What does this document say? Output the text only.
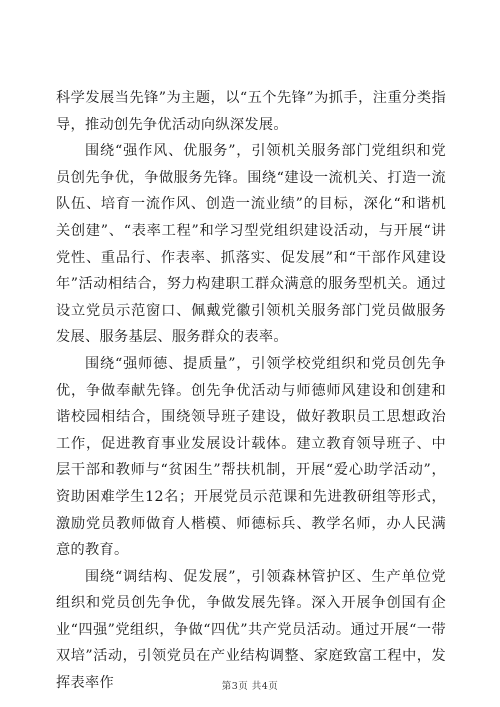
科学发展当先锋”为主题，以“五个先锋”为抓手，注重分类指导，推动创先争优活动向纵深发展。

围绕“强作风、优服务”，引领机关服务部门党组织和党员创先争优，争做服务先锋。围绕“建设一流机关、打造一流队伍、培育一流作风、创造一流业绩”的目标，深化“和谐机关创建”、“表率工程”和学习型党组织建设活动，与开展“讲党性、重品行、作表率、抓落实、促发展”和“干部作风建设年”活动相结合，努力构建职工群众满意的服务型机关。通过设立党员示范窗口、佩戴党徽引领机关服务部门党员做服务发展、服务基层、服务群众的表率。

围绕“强师德、提质量”，引领学校党组织和党员创先争优，争做奉献先锋。创先争优活动与师德师风建设和创建和谐校园相结合，围绕领导班子建设，做好教职员工思想政治工作，促进教育事业发展设计载体。建立教育领导班子、中层干部和教师与“贫困生”帮扶机制，开展“爱心助学活动”，资助困难学生12名；开展党员示范课和先进教研组等形式，激励党员教师做育人楷模、师德标兵、教学名师，办人民满意的教育。

围绕“调结构、促发展”，引领森林管护区、生产单位党组织和党员创先争优，争做发展先锋。深入开展争创国有企业“四强”党组织，争做“四优”共产党员活动。通过开展“一带双培”活动，引领党员在产业结构调整、家庭致富工程中，发挥表率作	第3页 共4页
